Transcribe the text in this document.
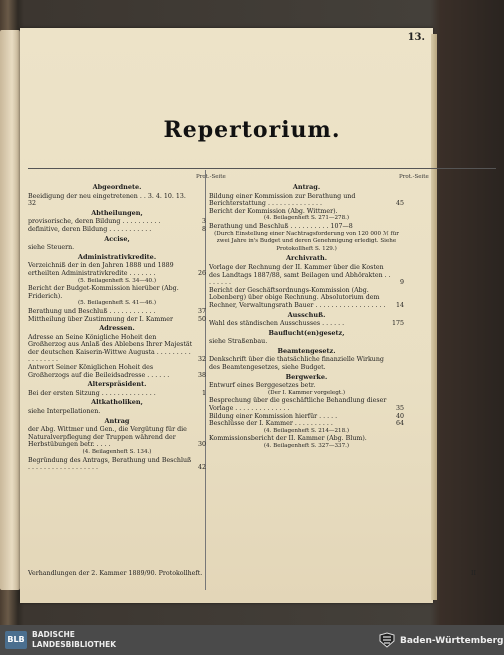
13.
Repertorium.
Prot.-Seite	Prot.-Seite
Abgeordnete.
Beeidigung der neu eingetretenen . . 3. 4. 10. 13. 32
Abtheilungen,
provisorische, deren Bildung . . . . . . . . . .	3
definitive, deren Bildung . . . . . . . . . . .	8
Accise,
siehe Steuern.
Administrativkredite.
Verzeichniß der in den Jahren 1888 und 1889 ertheilten Administrativkredite . . . . . . .	26
(5. Beilagenheft S. 34—40.)
Bericht der Budget-Kommission hierüber (Abg. Friderich).
(5. Beilagenheft S. 41—46.)
Berathung und Beschluß . . . . . . . . . . . .	37
Mittheilung über Zustimmung der I. Kammer	50
Adressen.
Adresse an Seine Königliche Hoheit den Großherzog aus Anlaß des Ablebens Ihrer Majestät der deutschen Kaiserin-Wittwe Augusta . . . . . . . . . . . . . . . . .	32
Antwort Seiner Königlichen Hoheit des Großherzogs auf die Beileidsadresse . . . . . .	38
Alterspräsident.
Bei der ersten Sitzung . . . . . . . . . . . . . .	1
Altkatholiken,
siehe Interpellationen.
Antrag
der Abg. Wittmer und Gen., die Vergütung für die Naturalverpflegung der Truppen während der Herbstübungen betr. . . . .	30
(4. Beilagenheft S. 134.)
Begründung des Antrags, Berathung und Beschluß . . . . . . . . . . . . . . . . . .	42
Antrag.
Bildung einer Kommission zur Berathung und Berichterstattung . . . . . . . . . . . . . .	45
Bericht der Kommission (Abg. Wittmer).
(4. Beilagenheft S. 271—278.)
Berathung und Beschluß . . . . . . . . . . 107—8
(Durch Einstellung einer Nachtragsforderung von 120 000 ℳ für zwei Jahre in's Budget und deren Genehmigung erledigt. Siehe Protokollheft S. 129.)
Archivrath.
Vorlage der Rechnung der II. Kammer über die Kosten des Landtags 1887/88, samt Beilagen und Abhörakten . . . . . . . .	9
Bericht der Geschäftsordnungs-Kommission (Abg. Lobenberg) über obige Rechnung. Absolutorium dem Rechner, Verwaltungsrath Bauer . . . . . . . . . . . . . . . . . . 14
Ausschuß.
Wahl des ständischen Ausschusses . . . . . .	175
Bauflucht(en)gesetz,
siehe Straßenbau.
Beamtengesetz.
Denkschrift über die thatsächliche finanzielle Wirkung des Beamtengesetzes, siehe Budget.
Bergwerke.
Entwurf eines Berggesetzes betr.
(Der I. Kammer vorgelegt.)
Besprechung über die geschäftliche Behandlung dieser Vorlage . . . . . . . . . . . . . .	35
Bildung einer Kommission hierfür . . . . .	40
Beschlüsse der I. Kammer . . . . . . . . . .	64
(4. Beilagenheft S. 214—218.)
Kommissionsbericht der II. Kammer (Abg. Blum).
(4. Beilagenheft S. 327—337.)
Verhandlungen der 2. Kammer 1889/90. Protokollheft.	II
BLB
BADISCHE
LANDESBIBLIOTHEK	Baden-Württemberg
